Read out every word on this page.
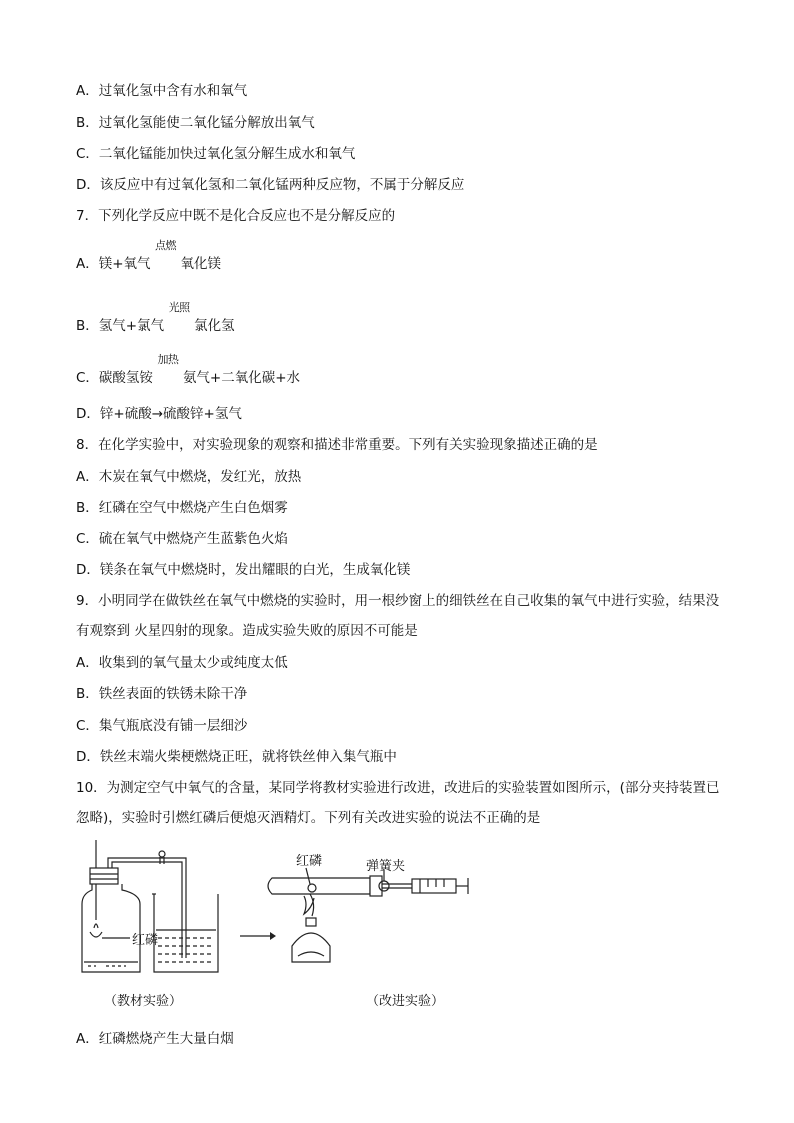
A．过氧化氢中含有水和氧气
B．过氧化氢能使二氧化锰分解放出氧气
C．二氧化锰能加快过氧化氢分解生成水和氧气
D．该反应中有过氧化氢和二氧化锰两种反应物，不属于分解反应
7．下列化学反应中既不是化合反应也不是分解反应的
A．镁+氧气
点燃
氧化镁
B．氢气+氯气
光照
氯化氢
C．碳酸氢铵
加热
氨气+二氧化碳+水
D．锌+硫酸→硫酸锌+氢气
8．在化学实验中，对实验现象的观察和描述非常重要。下列有关实验现象描述正确的是
A．木炭在氧气中燃烧，发红光，放热
B．红磷在空气中燃烧产生白色烟雾
C．硫在氧气中燃烧产生蓝紫色火焰
D．镁条在氧气中燃烧时，发出耀眼的白光，生成氧化镁
9．小明同学在做铁丝在氧气中燃烧的实验时，用一根纱窗上的细铁丝在自己收集的氧气中进行实验，结果没有观察到 火星四射的现象。造成实验失败的原因不可能是
A．收集到的氧气量太少或纯度太低
B．铁丝表面的铁锈未除干净
C．集气瓶底没有铺一层细沙
D．铁丝末端火柴梗燃烧正旺，就将铁丝伸入集气瓶中
10．为测定空气中氧气的含量，某同学将教材实验进行改进，改进后的实验装置如图所示，(部分夹持装置已忽略)，实验时引燃红磷后便熄灭酒精灯。下列有关改进实验的说法不正确的是
红磷
（教材实验）
红磷	弹簧夹
（改进实验）
A．红磷燃烧产生大量白烟
